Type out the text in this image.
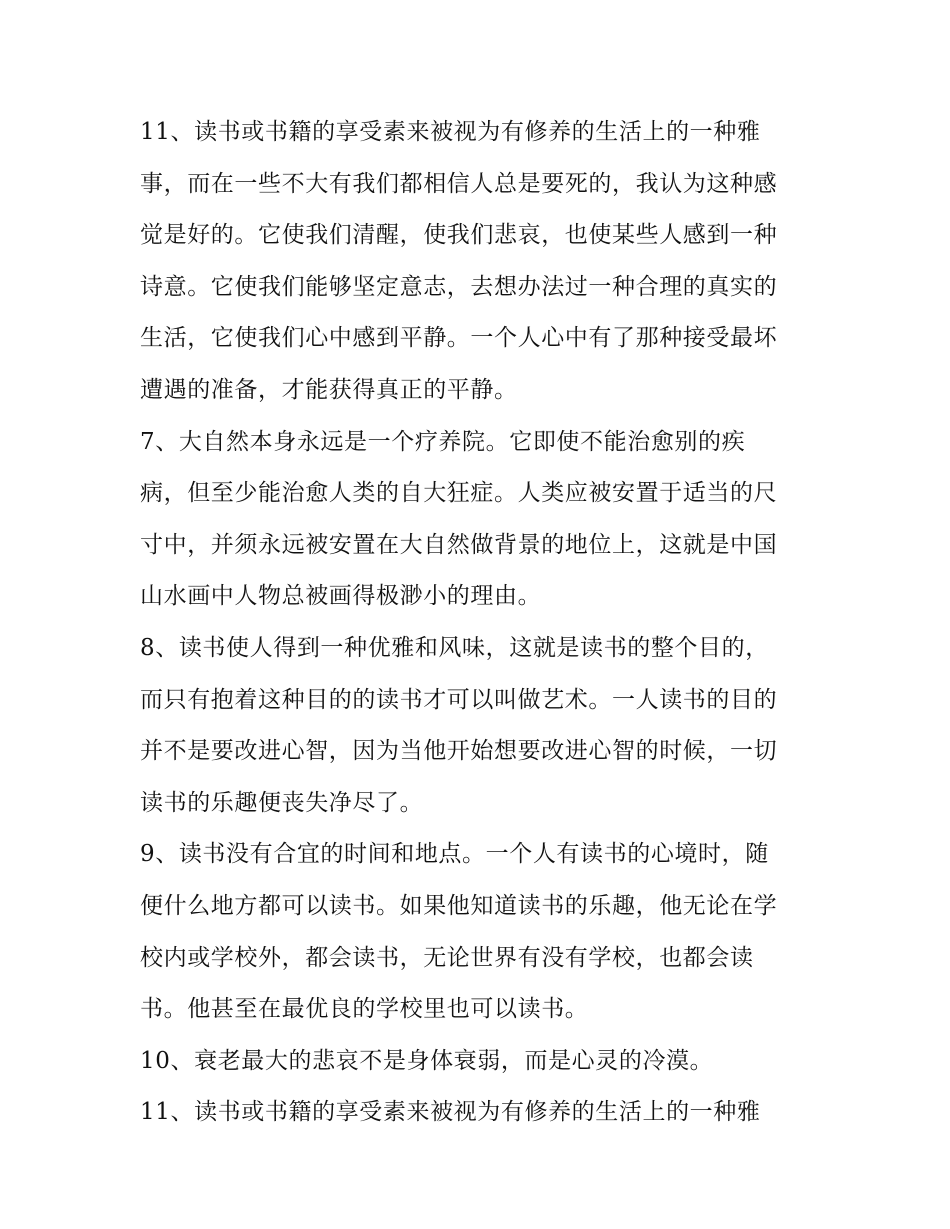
11、读书或书籍的享受素来被视为有修养的生活上的一种雅
事，而在一些不大有我们都相信人总是要死的，我认为这种感
觉是好的。它使我们清醒，使我们悲哀，也使某些人感到一种
诗意。它使我们能够坚定意志，去想办法过一种合理的真实的
生活，它使我们心中感到平静。一个人心中有了那种接受最坏
遭遇的准备，才能获得真正的平静。
7、大自然本身永远是一个疗养院。它即使不能治愈别的疾
病，但至少能治愈人类的自大狂症。人类应被安置于适当的尺
寸中，并须永远被安置在大自然做背景的地位上，这就是中国
山水画中人物总被画得极渺小的理由。
8、读书使人得到一种优雅和风味，这就是读书的整个目的，
而只有抱着这种目的的读书才可以叫做艺术。一人读书的目的
并不是要改进心智，因为当他开始想要改进心智的时候，一切
读书的乐趣便丧失净尽了。
9、读书没有合宜的时间和地点。一个人有读书的心境时，随
便什么地方都可以读书。如果他知道读书的乐趣，他无论在学
校内或学校外，都会读书，无论世界有没有学校，也都会读
书。他甚至在最优良的学校里也可以读书。
10、衰老最大的悲哀不是身体衰弱，而是心灵的冷漠。
11、读书或书籍的享受素来被视为有修养的生活上的一种雅
